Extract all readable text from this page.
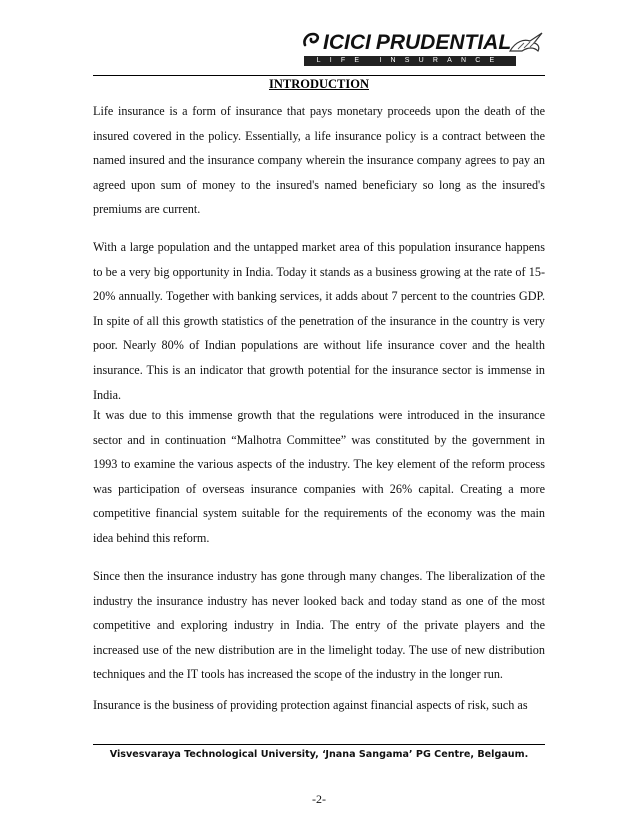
ICICI PRUDENTIAL
LIFE INSURANCE
INTRODUCTION

Life insurance is a form of insurance that pays monetary proceeds upon the death of the insured covered in the policy. Essentially, a life insurance policy is a contract between the named insured and the insurance company wherein the insurance company agrees to pay an agreed upon sum of money to the insured's named beneficiary so long as the insured's premiums are current.

With a large population and the untapped market area of this population insurance happens to be a very big opportunity in India. Today it stands as a business growing at the rate of 15-20% annually. Together with banking services, it adds about 7 percent to the countries GDP. In spite of all this growth statistics of the penetration of the insurance in the country is very poor. Nearly 80% of Indian populations are without life insurance cover and the health insurance. This is an indicator that growth potential for the insurance sector is immense in India.

It was due to this immense growth that the regulations were introduced in the insurance sector and in continuation “Malhotra Committee” was constituted by the government in 1993 to examine the various aspects of the industry. The key element of the reform process was participation of overseas insurance companies with 26% capital. Creating a more competitive financial system suitable for the requirements of the economy was the main idea behind this reform.

Since then the insurance industry has gone through many changes. The liberalization of the industry the insurance industry has never looked back and today stand as one of the most competitive and exploring industry in India. The entry of the private players and the increased use of the new distribution are in the limelight today. The use of new distribution techniques and the IT tools has increased the scope of the industry in the longer run.

Insurance is the business of providing protection against financial aspects of risk, such as

Visvesvaraya Technological University, ‘Jnana Sangama’ PG Centre, Belgaum.
-2-
